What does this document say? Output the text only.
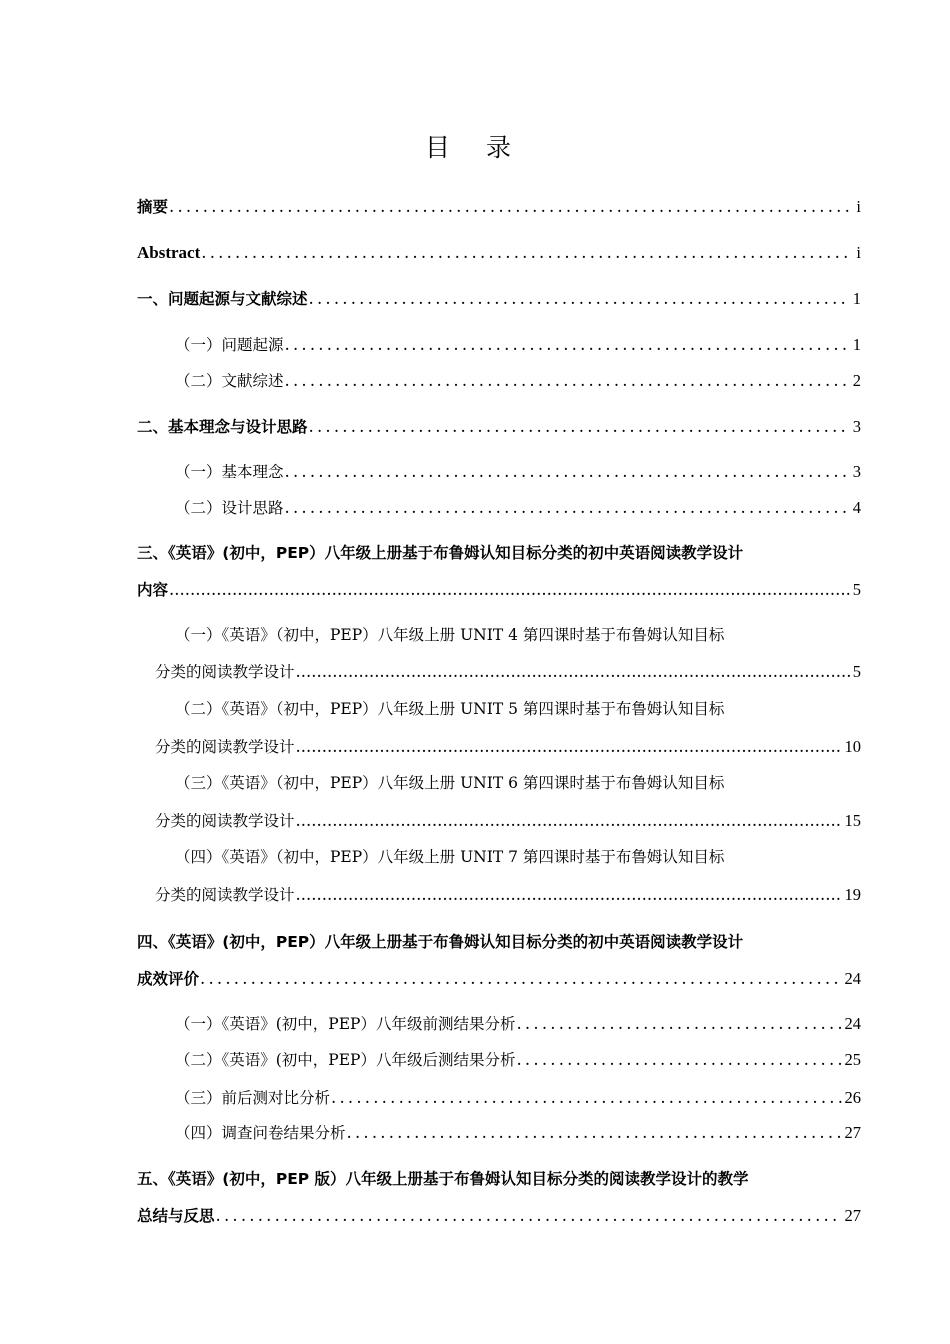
目 录
摘要 .....	i
Abstract .....	i
一、问题起源与文献综述 .....	1
（一）问题起源 .....	1
（二）文献综述 .....	2
二、基本理念与设计思路 .....	3
（一）基本理念 .....	3
（二）设计思路 .....	4
三、《英语》(初中，PEP）八年级上册基于布鲁姆认知目标分类的初中英语阅读教学设计
内容 .....	5
（一）《英语》（初中，PEP）八年级上册 UNIT 4 第四课时基于布鲁姆认知目标
分类的阅读教学设计 .....	5
（二）《英语》（初中，PEP）八年级上册 UNIT 5 第四课时基于布鲁姆认知目标
分类的阅读教学设计 .....	10
（三）《英语》（初中，PEP）八年级上册 UNIT 6 第四课时基于布鲁姆认知目标
分类的阅读教学设计 .....	15
（四）《英语》（初中，PEP）八年级上册 UNIT 7 第四课时基于布鲁姆认知目标
分类的阅读教学设计 .....	19
四、《英语》(初中，PEP）八年级上册基于布鲁姆认知目标分类的初中英语阅读教学设计
成效评价 .....	24
（一）《英语》(初中，PEP）八年级前测结果分析 .....	24
（二）《英语》(初中，PEP）八年级后测结果分析 .....	25
（三）前后测对比分析 .....	26
（四）调查问卷结果分析 .....	27
五、《英语》(初中，PEP 版）八年级上册基于布鲁姆认知目标分类的阅读教学设计的教学
总结与反思 .....	27
